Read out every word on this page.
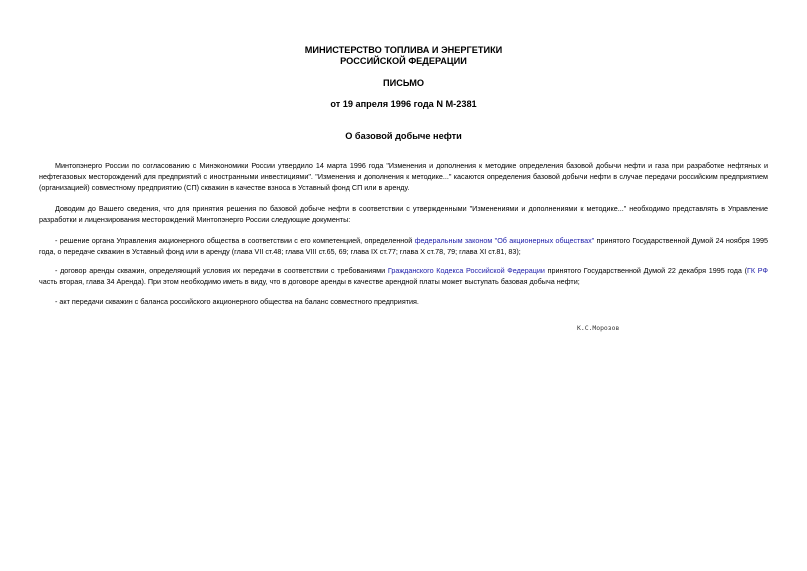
МИНИСТЕРСТВО ТОПЛИВА И ЭНЕРГЕТИКИ
РОССИЙСКОЙ ФЕДЕРАЦИИ
ПИСЬМО
от 19 апреля 1996 года N М-2381
О базовой добыче нефти

Минтопэнерго России по согласованию с Минэкономики России утвердило 14 марта 1996 года "Изменения и дополнения к методике определения базовой добычи нефти и газа при разработке нефтяных и нефтегазовых месторождений для предприятий с иностранными инвестициями". "Изменения и дополнения к методике..." касаются определения базовой добычи нефти в случае передачи российским предприятием (организацией) совместному предприятию (СП) скважин в качестве взноса в Уставный фонд СП или в аренду.

Доводим до Вашего сведения, что для принятия решения по базовой добыче нефти в соответствии с утвержденными "Изменениями и дополнениями к методике..." необходимо представлять в Управление разработки и лицензирования месторождений Минтопэнерго России следующие документы:

- решение органа Управления акционерного общества в соответствии с его компетенцией, определенной федеральным законом "Об акционерных обществах" принятого Государственной Думой 24 ноября 1995 года, о передаче скважин в Уставный фонд или в аренду (глава VII ст.48; глава VIII ст.65, 69; глава IX ст.77; глава X ст.78, 79; глава XI ст.81, 83);

- договор аренды скважин, определяющий условия их передачи в соответствии с требованиями Гражданского Кодекса Российской Федерации принятого Государственной Думой 22 декабря 1995 года (ГК РФ часть вторая, глава 34 Аренда). При этом необходимо иметь в виду, что в договоре аренды в качестве арендной платы может выступать базовая добыча нефти;

- акт передачи скважин с баланса российского акционерного общества на баланс совместного предприятия.

К.С.Морозов
